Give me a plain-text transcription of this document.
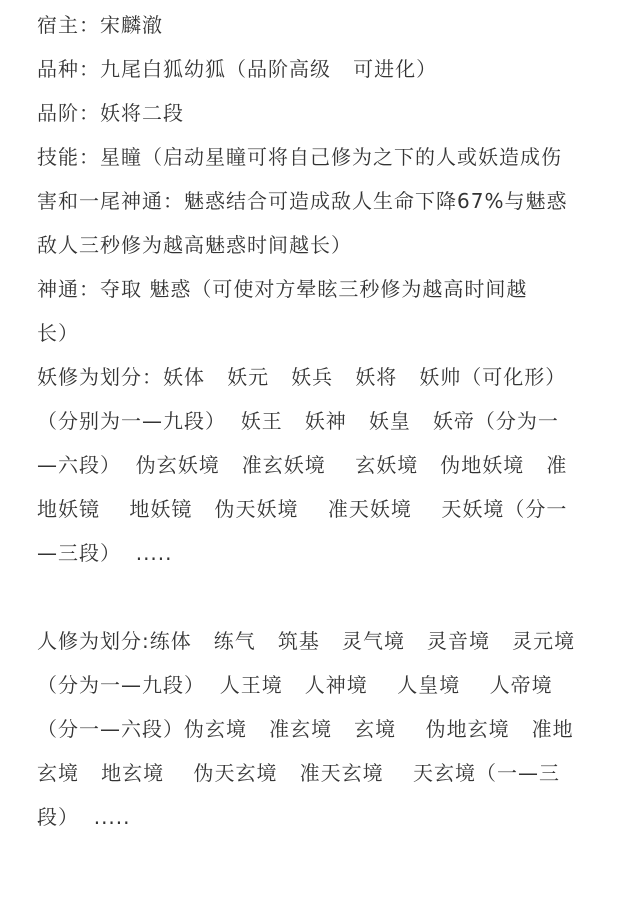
宿主：宋麟澈
品种：九尾白狐幼狐（品阶高级   可进化）
品阶：妖将二段
技能：星瞳（启动星瞳可将自己修为之下的人或妖造成伤
害和一尾神通：魅惑结合可造成敌人生命下降67%与魅惑
敌人三秒修为越高魅惑时间越长）
神通：夺取 魅惑（可使对方晕眩三秒修为越高时间越
长）
妖修为划分：妖体   妖元   妖兵   妖将   妖帅（可化形）
（分别为一—九段）  妖王   妖神   妖皇   妖帝（分为一
—六段）  伪玄妖境   准玄妖境    玄妖境   伪地妖境   准
地妖镜    地妖镜   伪天妖境    准天妖境    天妖境（分一
—三段）  .....
人修为划分:练体   练气   筑基   灵气境   灵音境   灵元境
（分为一—九段）  人王境   人神境    人皇境    人帝境
（分一—六段）伪玄境   准玄境   玄境    伪地玄境   准地
玄境   地玄境    伪天玄境   准天玄境    天玄境（一—三
段）  .....
